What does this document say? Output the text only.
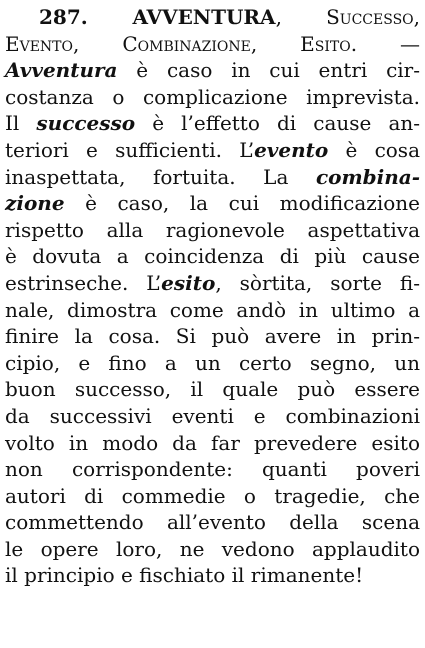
287. AVVENTURA, Successo,
Evento, Combinazione, Esito. —
Avventura è caso in cui entri cir-
costanza o complicazione imprevista.
Il successo è l’effetto di cause an-
teriori e sufficienti. L’evento è cosa
inaspettata, fortuita. La combina-
zione è caso, la cui modificazione
rispetto alla ragionevole aspettativa
è dovuta a coincidenza di più cause
estrinseche. L’esito, sòrtita, sorte fi-
nale, dimostra come andò in ultimo a
finire la cosa. Si può avere in prin-
cipio, e fino a un certo segno, un
buon successo, il quale può essere
da successivi eventi e combinazioni
volto in modo da far prevedere esito
non corrispondente: quanti poveri
autori di commedie o tragedie, che
commettendo all’evento della scena
le opere loro, ne vedono applaudito
il principio e fischiato il rimanente!
